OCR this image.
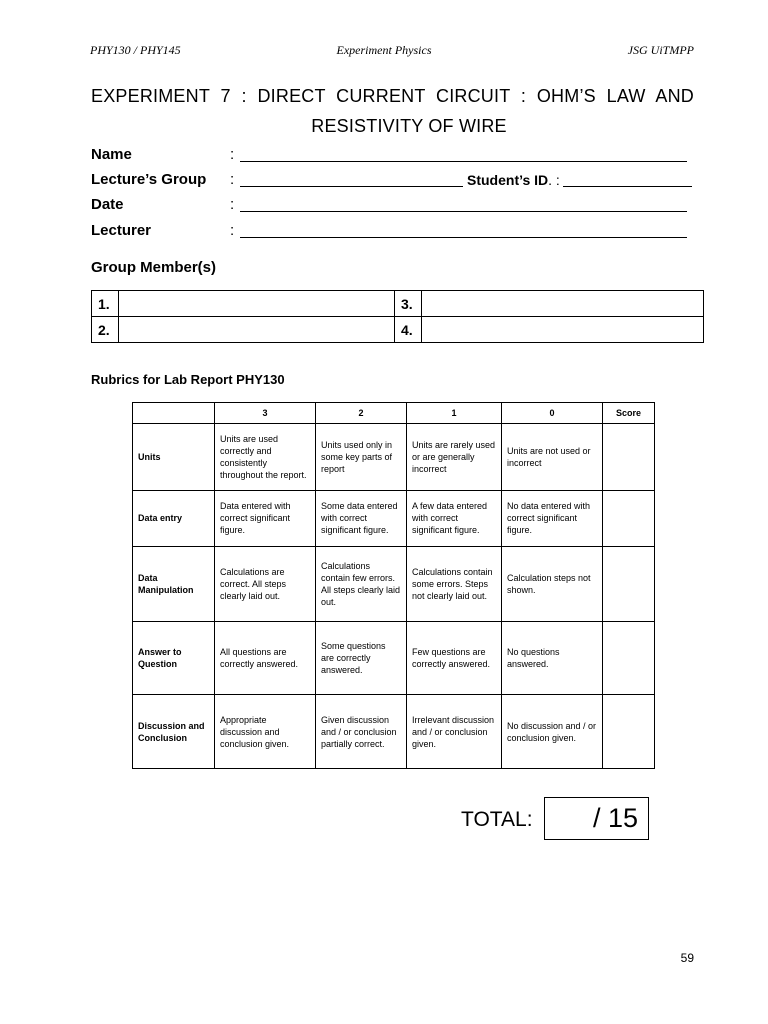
PHY130 / PHY145	Experiment Physics	JSG UiTMPP
EXPERIMENT 7 : DIRECT CURRENT CIRCUIT : OHM’S LAW AND
RESISTIVITY OF WIRE
Name	:
Lecture’s Group :	Student’s ID. :
Date	:
Lecturer	:
Group Member(s)
1.		3.	
2.		4.	
Rubrics for Lab Report PHY130
	3	2	1	0	Score
Units	Units are used correctly and consistently throughout the report.	Units used only in some key parts of report	Units are rarely used or are generally incorrect	Units are not used or incorrect	
Data entry	Data entered with correct significant figure.	Some data entered with correct significant figure.	A few data entered with correct significant figure.	No data entered with correct significant figure.	
Data Manipulation	Calculations are correct. All steps clearly laid out.	Calculations contain few errors. All steps clearly laid out.	Calculations contain some errors. Steps not clearly laid out.	Calculation steps not shown.	
Answer to Question	All questions are correctly answered.	Some questions are correctly answered.	Few questions are correctly answered.	No questions answered.	
Discussion and Conclusion	Appropriate discussion and conclusion given.	Given discussion and / or conclusion partially correct.	Irrelevant discussion and / or conclusion given.	No discussion and / or conclusion given.	
TOTAL:	/ 15
59
